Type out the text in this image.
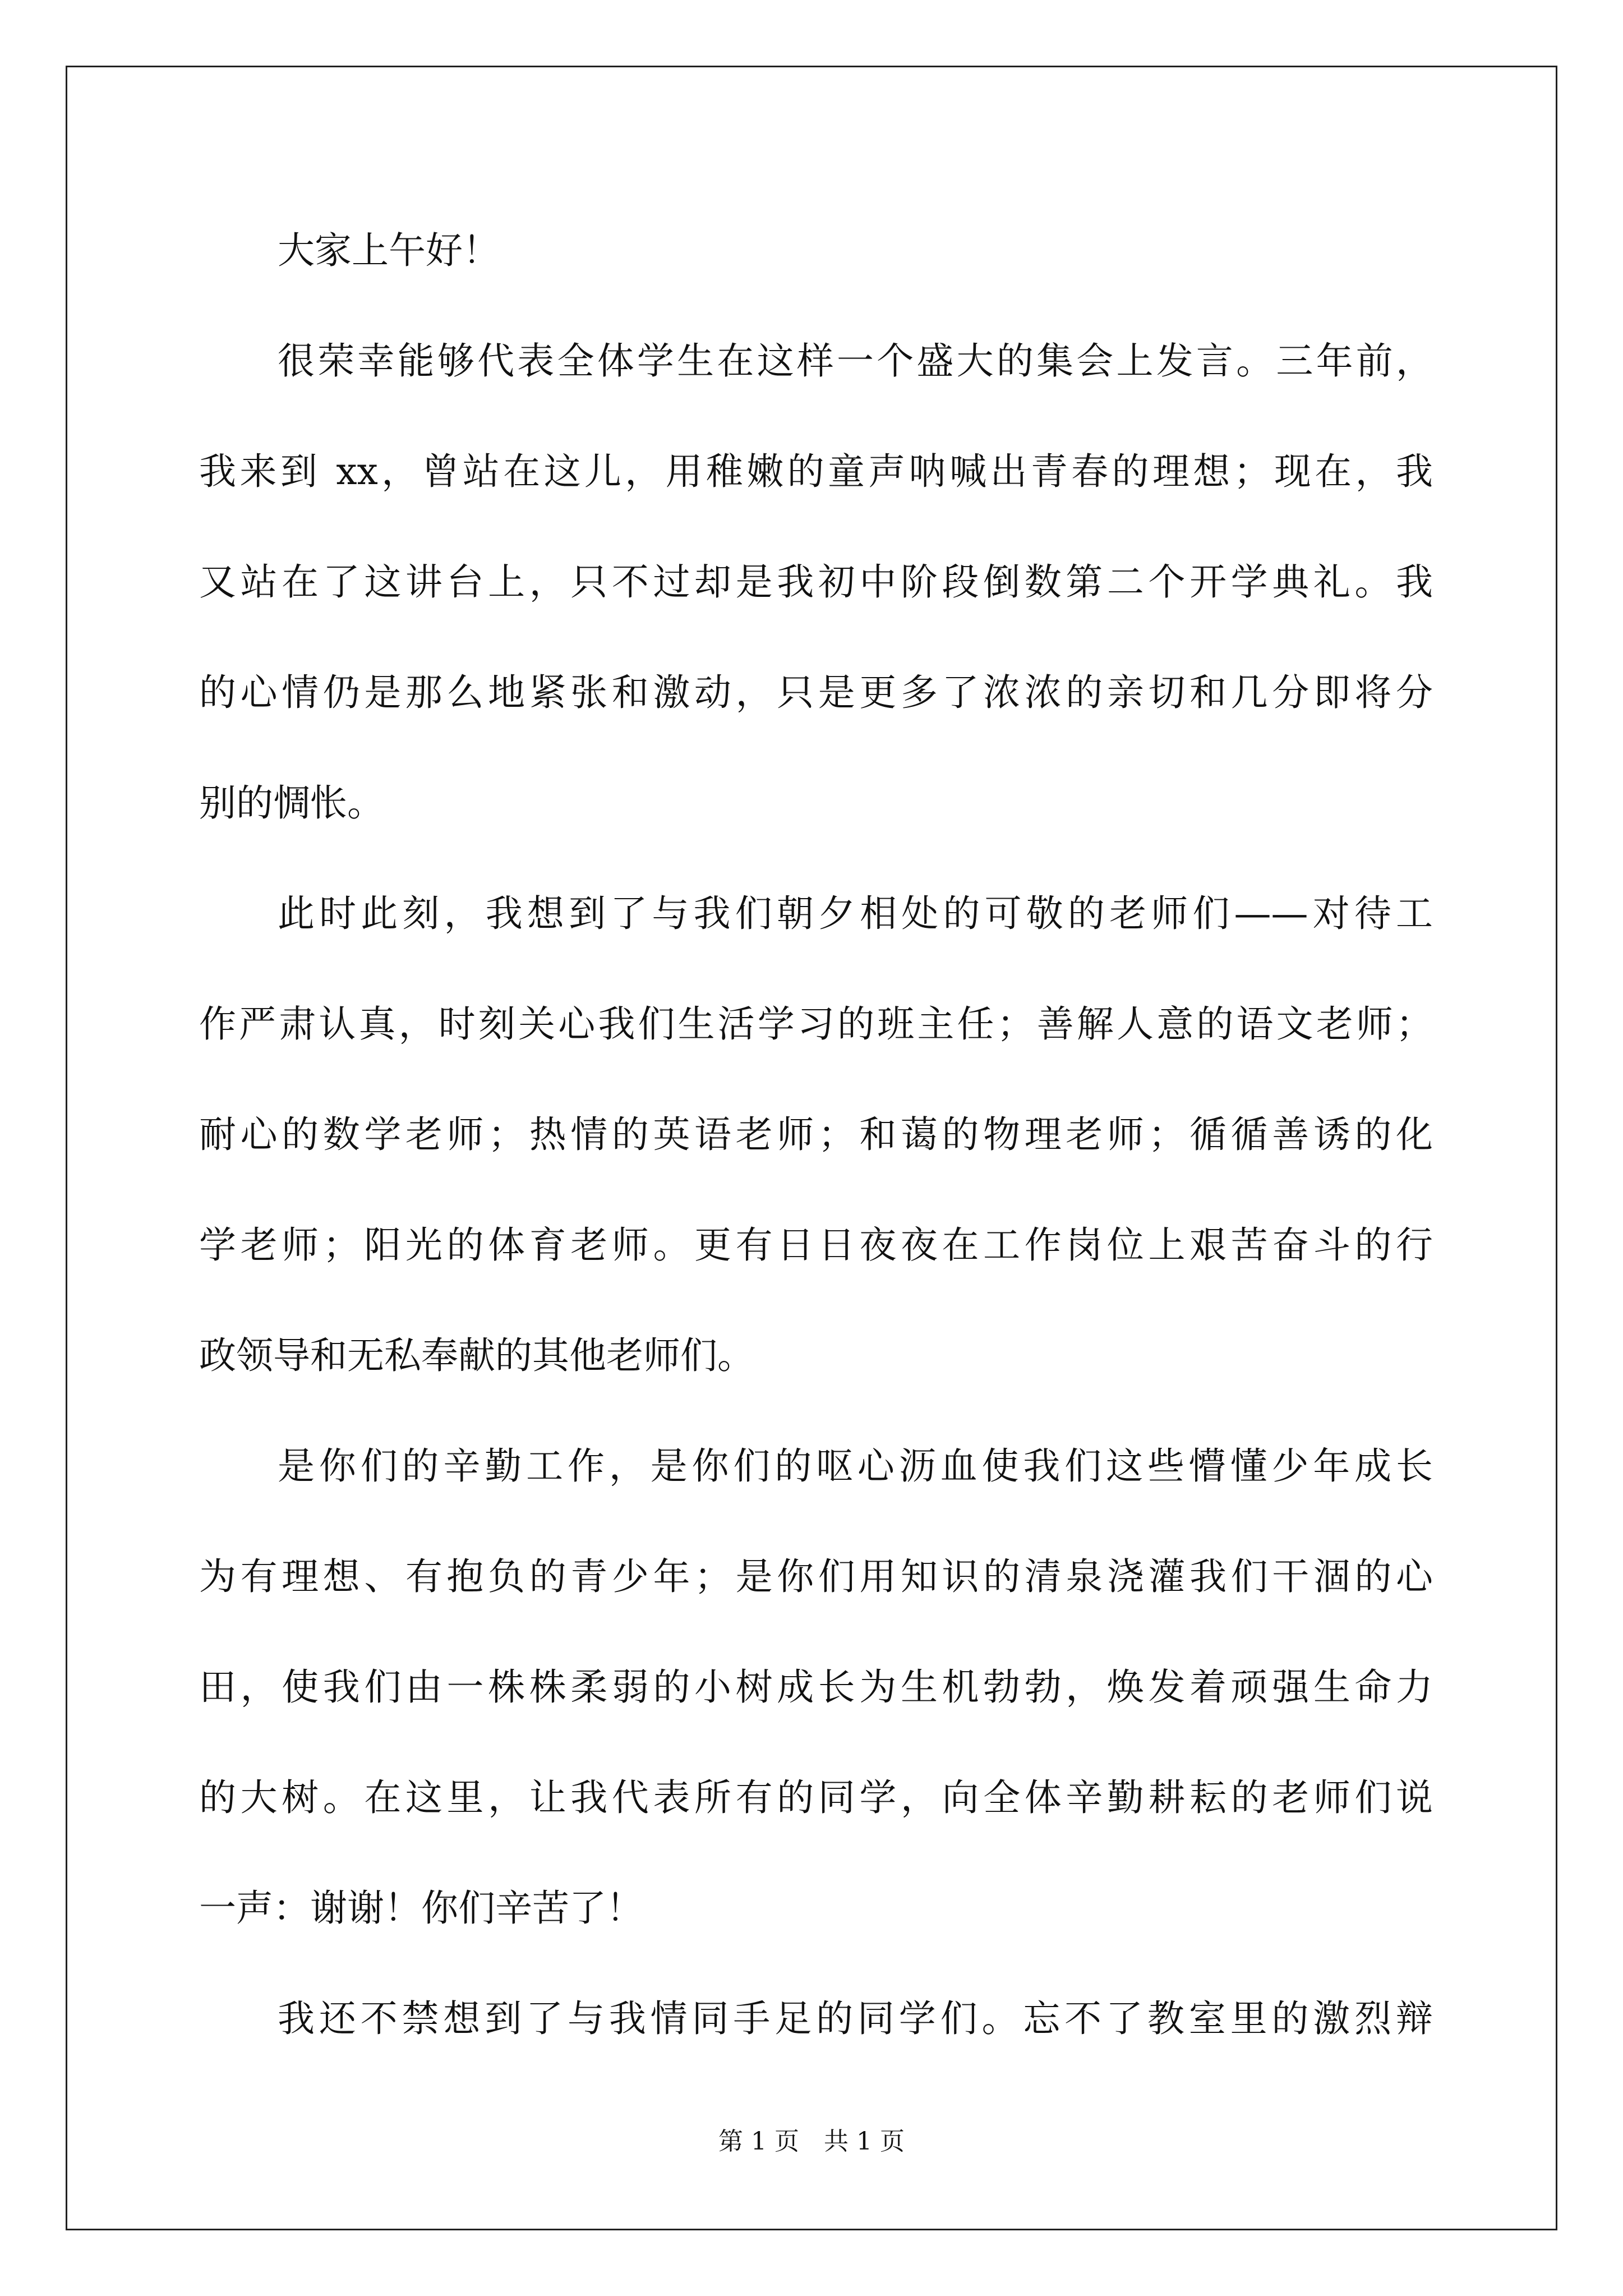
大家上午好！
很荣幸能够代表全体学生在这样一个盛大的集会上发言。三年前，
我来到 xx，曾站在这儿，用稚嫩的童声呐喊出青春的理想；现在，我
又站在了这讲台上，只不过却是我初中阶段倒数第二个开学典礼。我
的心情仍是那么地紧张和激动，只是更多了浓浓的亲切和几分即将分
别的惆怅。
此时此刻，我想到了与我们朝夕相处的可敬的老师们——对待工
作严肃认真，时刻关心我们生活学习的班主任；善解人意的语文老师；
耐心的数学老师；热情的英语老师；和蔼的物理老师；循循善诱的化
学老师；阳光的体育老师。更有日日夜夜在工作岗位上艰苦奋斗的行
政领导和无私奉献的其他老师们。
是你们的辛勤工作，是你们的呕心沥血使我们这些懵懂少年成长
为有理想、有抱负的青少年；是你们用知识的清泉浇灌我们干涸的心
田，使我们由一株株柔弱的小树成长为生机勃勃，焕发着顽强生命力
的大树。在这里，让我代表所有的同学，向全体辛勤耕耘的老师们说
一声：谢谢！你们辛苦了！
我还不禁想到了与我情同手足的同学们。忘不了教室里的激烈辩
第 1 页　共 1 页
